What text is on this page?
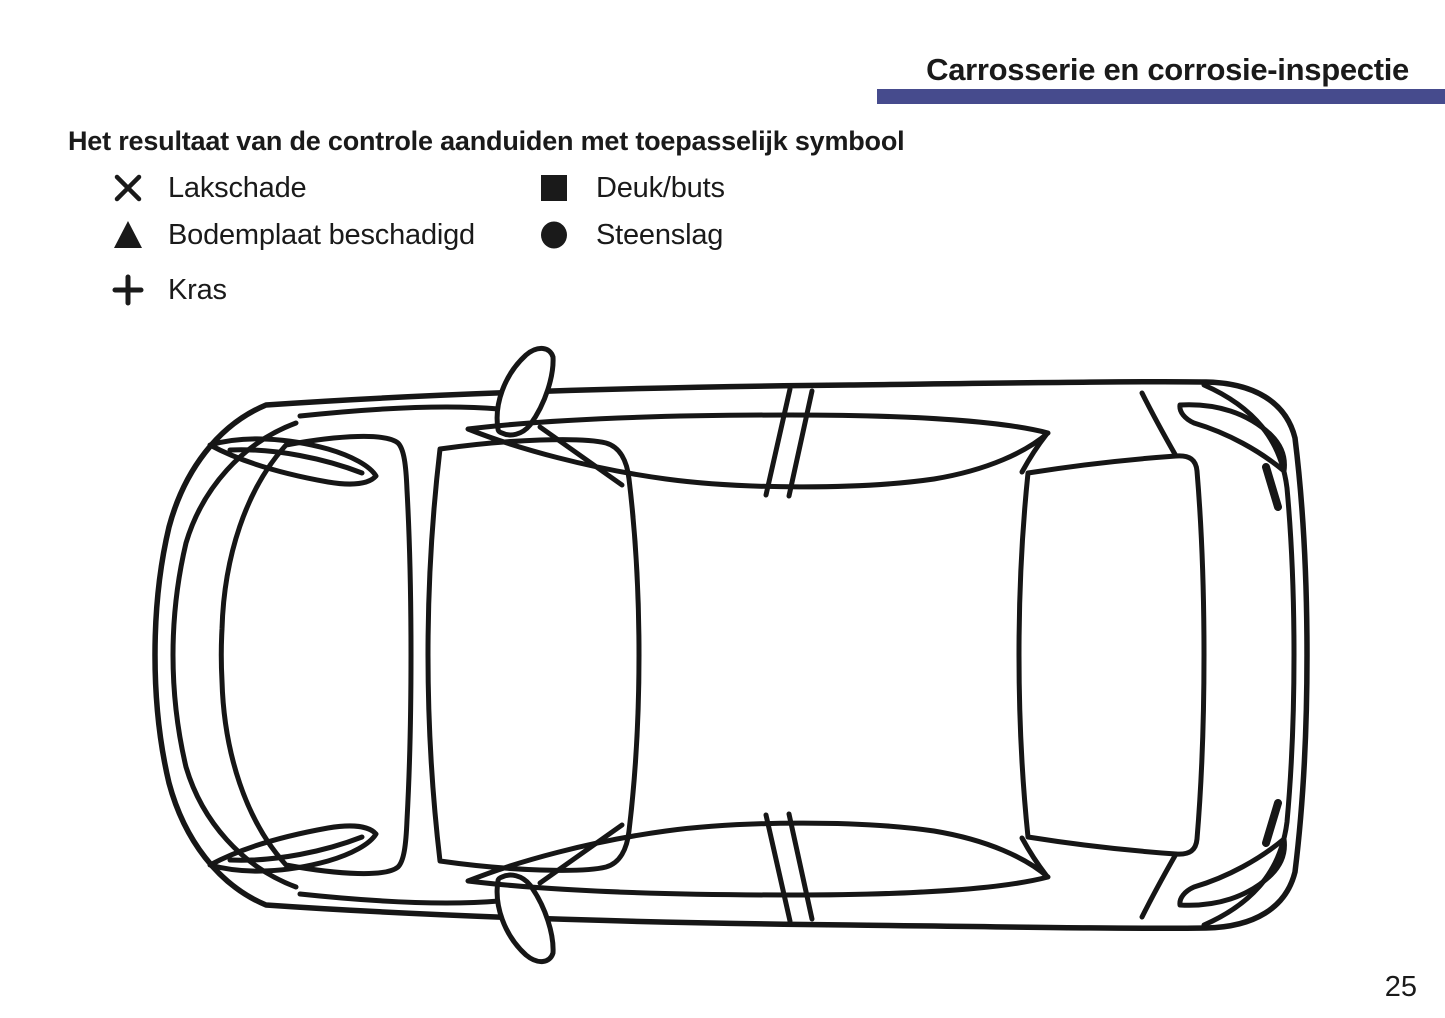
Carrosserie en corrosie-inspectie
Het resultaat van de controle aanduiden met toepasselijk symbool
Lakschade
Bodemplaat beschadigd
Kras
Deuk/buts
Steenslag
25
